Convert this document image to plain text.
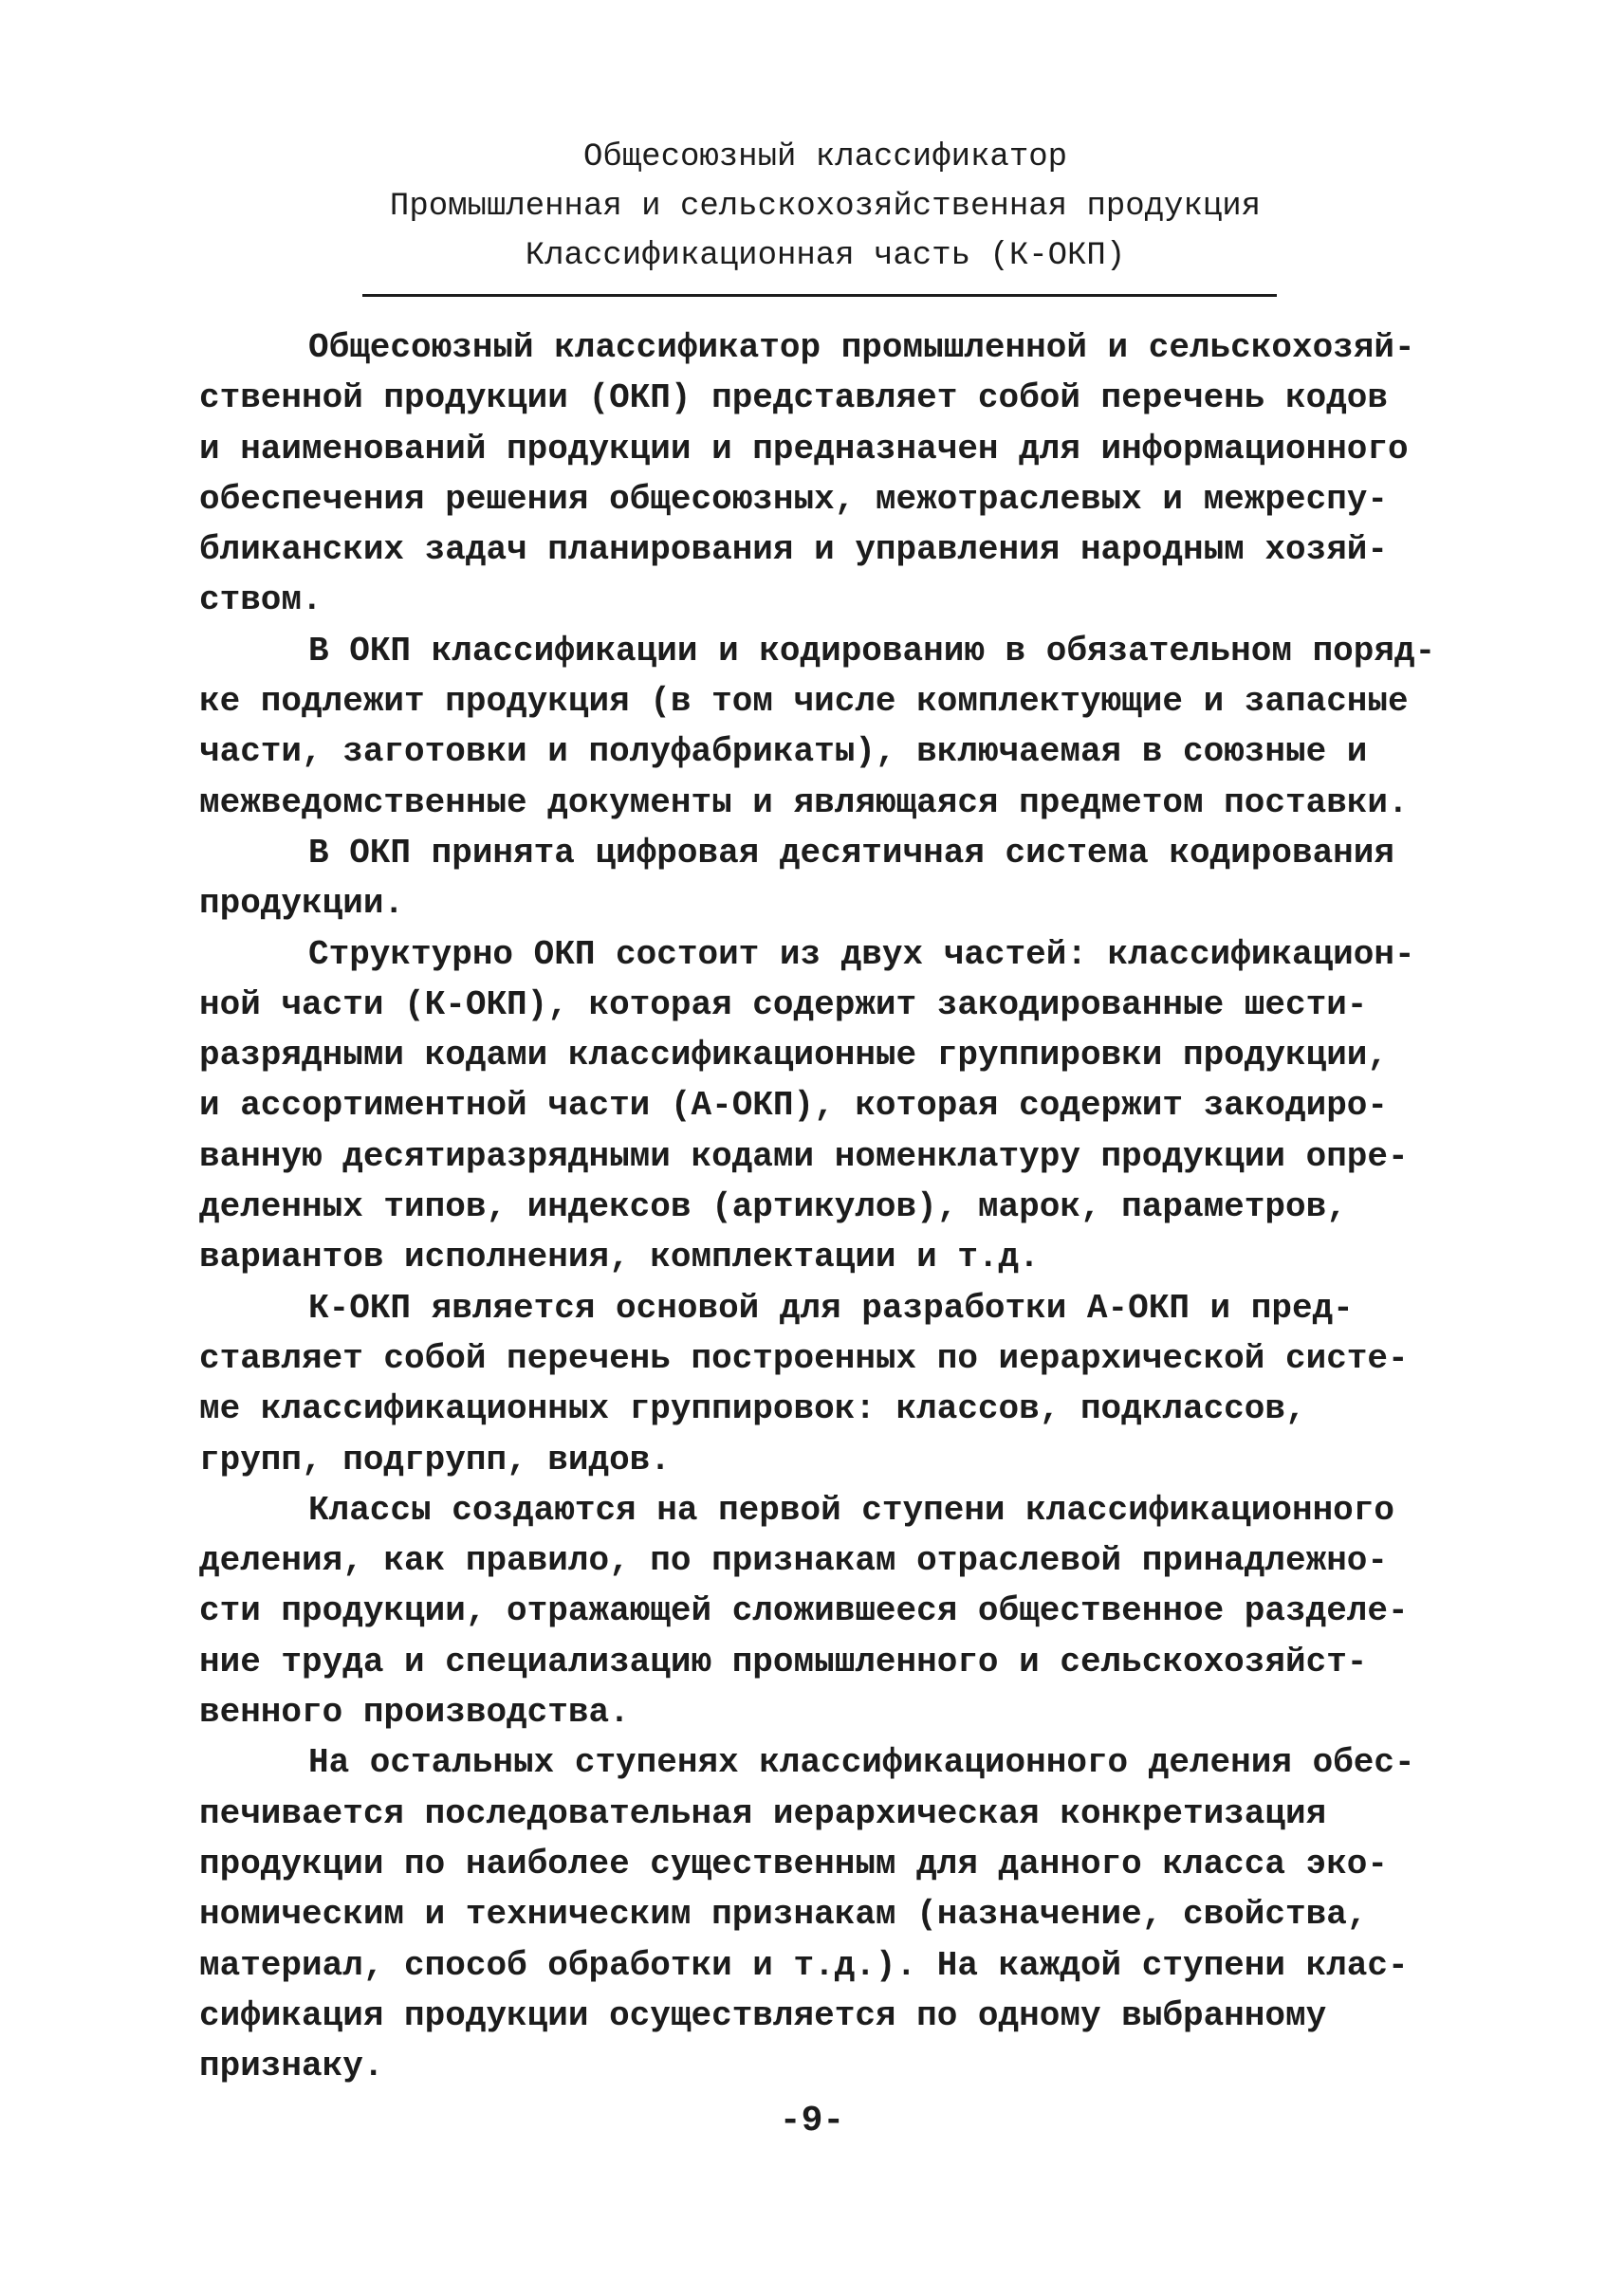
Общесоюзный классификатор
Промышленная и сельскохозяйственная продукция
Классификационная часть (К-ОКП)

Общесоюзный классификатор промышленной и сельскохозяй-
ственной продукции (ОКП) представляет собой перечень кодов
и наименований продукции и предназначен для информационного
обеспечения решения общесоюзных, межотраслевых и межреспу-
бликанских задач планирования и управления народным хозяй-
ством.

В ОКП классификации и кодированию в обязательном поряд-
ке подлежит продукция (в том числе комплектующие и запасные
части, заготовки и полуфабрикаты), включаемая в союзные и
межведомственные документы и являющаяся предметом поставки.

В ОКП принята цифровая десятичная система кодирования
продукции.

Структурно ОКП состоит из двух частей: классификацион-
ной части (К-ОКП), которая содержит закодированные шести-
разрядными кодами классификационные группировки продукции,
и ассортиментной части (А-ОКП), которая содержит закодиро-
ванную десятиразрядными кодами номенклатуру продукции опре-
деленных типов, индексов (артикулов), марок, параметров,
вариантов исполнения, комплектации и т.д.

К-ОКП является основой для разработки А-ОКП и пред-
ставляет собой перечень построенных по иерархической систе-
ме классификационных группировок: классов, подклассов,
групп, подгрупп, видов.

Классы создаются на первой ступени классификационного
деления, как правило, по признакам отраслевой принадлежно-
сти продукции, отражающей сложившееся общественное разделе-
ние труда и специализацию промышленного и сельскохозяйст-
венного производства.

На остальных ступенях классификационного деления обес-
печивается последовательная иерархическая конкретизация
продукции по наиболее существенным для данного класса эко-
номическим и техническим признакам (назначение, свойства,
материал, способ обработки и т.д.). На каждой ступени клас-
сификация продукции осуществляется по одному выбранному
признаку.

-9-
